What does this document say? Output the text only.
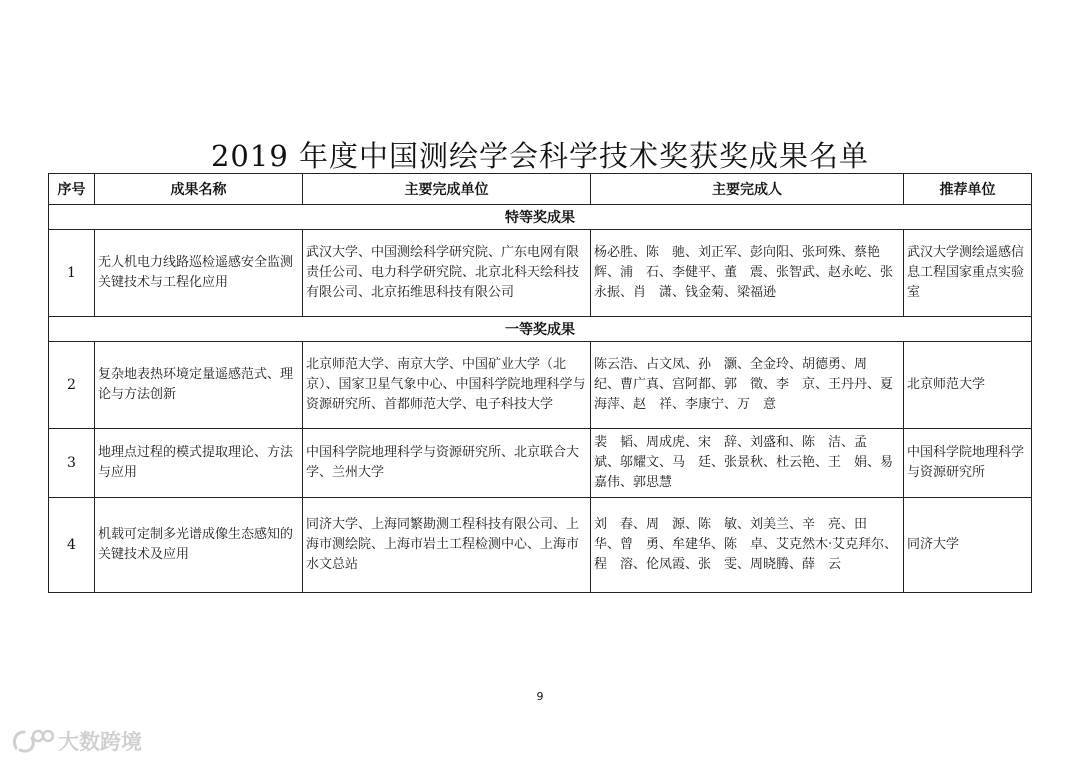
2019 年度中国测绘学会科学技术奖获奖成果名单
序号	成果名称	主要完成单位	主要完成人	推荐单位
特等奖成果				
1	无人机电力线路巡检遥感安全监测关键技术与工程化应用	武汉大学、中国测绘科学研究院、广东电网有限责任公司、电力科学研究院、北京北科天绘科技有限公司、北京拓维思科技有限公司	杨必胜、陈　驰、刘正军、彭向阳、张珂殊、蔡艳辉、浦　石、李健平、董　震、张智武、赵永屹、张永振、肖　潇、钱金菊、梁福逊	武汉大学测绘遥感信息工程国家重点实验室
一等奖成果				
2	复杂地表热环境定量遥感范式、理论与方法创新	北京师范大学、南京大学、中国矿业大学（北京）、国家卫星气象中心、中国科学院地理科学与资源研究所、首都师范大学、电子科技大学	陈云浩、占文凤、孙　灏、全金玲、胡德勇、周　纪、曹广真、宫阿都、郭　徵、李　京、王丹丹、夏海萍、赵　祥、李康宁、万　意	北京师范大学
3	地理点过程的模式提取理论、方法与应用	中国科学院地理科学与资源研究所、北京联合大学、兰州大学	裴　韬、周成虎、宋　辞、刘盛和、陈　洁、孟　斌、邬耀文、马　廷、张景秋、杜云艳、王　娟、易嘉伟、郭思慧	中国科学院地理科学与资源研究所
4	机载可定制多光谱成像生态感知的关键技术及应用	同济大学、上海同繁勘测工程科技有限公司、上海市测绘院、上海市岩土工程检测中心、上海市水文总站	刘　春、周　源、陈　敏、刘美兰、辛　亮、田　华、曾　勇、牟建华、陈　卓、艾克然木·艾克拜尔、程　溶、伦凤霞、张　雯、周晓腾、薛　云	同济大学
9
大数跨境
